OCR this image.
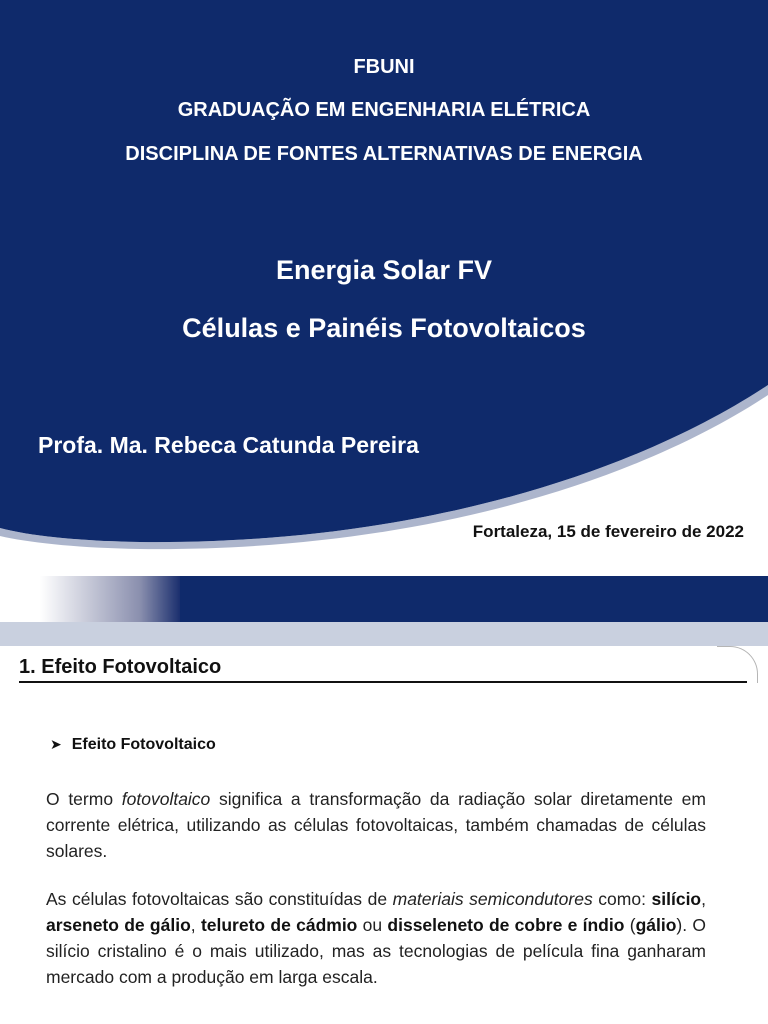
FBUNI
GRADUAÇÃO EM ENGENHARIA ELÉTRICA
DISCIPLINA DE FONTES ALTERNATIVAS DE ENERGIA
Energia Solar FV
Células e Painéis Fotovoltaicos
Profa. Ma. Rebeca Catunda Pereira
Fortaleza, 15 de fevereiro de 2022
1. Efeito Fotovoltaico
➤ Efeito Fotovoltaico

O termo fotovoltaico significa a transformação da radiação solar diretamente em corrente elétrica, utilizando as células fotovoltaicas, também chamadas de células solares.

As células fotovoltaicas são constituídas de materiais semicondutores como: silício, arseneto de gálio, telureto de cádmio ou disseleneto de cobre e índio (gálio). O silício cristalino é o mais utilizado, mas as tecnologias de película fina ganharam mercado com a produção em larga escala.
